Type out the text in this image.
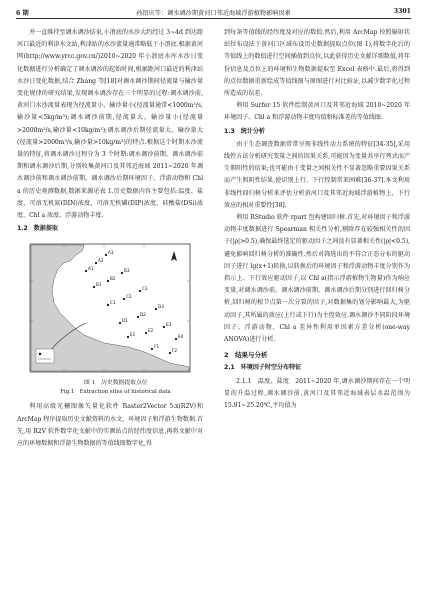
6 期	孙绍庆等：调水调沙期黄河口邻近海域浮游植物影响因素	3301

并一直维持至调水调沙结束,小浪底的水沙大约经过 3~4d 到达距河口最近的利津水文站,利津站的水沙流量通常略低于小浪底.根据黄河网(http://www.yrcc.gov.cn/)2010~2020 年小浪底水库水沙日变化数据进行分析确定了调水调沙的起始时间,根据距河口最近的利津站水沙日变化数据,结合 Zhang 等[18]对调水调沙期间径流量与输沙量变化规律的研究结果,发现调水调沙存在三个明显的过程:调水调沙前,黄河口水沙流量表现为径流量小、输沙量小(径流量通常<1000m³/s,输沙量<5kg/m³);调水调沙前期,径流量大、输沙量小(径流量>2000m³/s,输沙量<10kg/m³);调水调沙后期径流量大、输沙量大(径流量>2000m³/s,输沙量>10kg/m³)的特点.根据这个时期水沙流量的特征,将调水调沙过程分为 3 个时期:调水调沙前期、调水调沙前期和调水调沙后期,分别收集黄河口及其邻近海域 2011~2020 年调水调沙前和调水调沙前期、调水调沙后期环境因子、浮游动物和 Chl a 的历史观测数据,数据来源见表 1.历史数据内容主要包括:温度、盐度、可溶无机氮(DIN)浓度、可溶无机磷(DIP)浓度、硅酸盐(DSi)浓度、Chl a 浓度、浮游动物丰度.

1.2　数据提取
A1
A2
A3
B1
B2
B3
C1
C2
C3
D1
D2
D3
E1
E2
E3
E4
F1
F2

图 1　历史数据提取点位

Fig.1　Extraction sites of historical data

利用高级光栅图像矢量化软件 Raster2Vector 5.x(R2V)和 ArcMap 程序提取历史文献资料的水文、环境因子和浮游生物数据.首先,用 R2V 软件数字化文献中的实测站点的经纬度信息,再将文献中对应的环境数据和浮游生物数据的等值线图数字化,得

到每条等值线的经纬度及对应的数值.然后,利用 ArcMap 按照辐射状站位布设法于黄河口区域布设历史数据提取点位(图 1),将数字化后的等值线上的数值进行空间插值到点位,以此获得历史文献详细数值,将年份信息及点位上的环境和生物数据提取至 Excel 表格中.最后,将得到的点位数据重新绘成等值线图与原图进行对比验证,以减少数字化过程所造成的误差.

利用 Surfer 15 软件绘制黄河口及其邻近海域 2010~2020 年环境因子、Chl a 和浮游动物丰度均值和标准差的等值线图.

1.3　统计分析

由于生态调查数据常常呈现非线性动力系统的特征[34-35],采用线性方法分析研究变量之间的因果关系,可能因为变量共享行列式而产生假阳性的结果;也可能由于变量之间相关性不显著忽略重要因果关系而产生假阴性结果,使识别上行、下行控制常来困难[36-37].本文利用非线性回归树分析来评估分析黄河口及其邻近海域浮游植物上、下行效应的相对重要性[38].

利用 RStudio 软件 rpart 包构建回归树.首先,对环境因子和浮游动物丰度数据进行 Spearman 相关性分析,剔除存在较强相关性的因子(|ρ|>0.5),确保最终选定的驱动因子之间没有显著相关性(|ρ|<0.5),避免影响回归树分析的准确性.然后对筛选出的不符合正态分布的驱动因子进行 lg(x+1)转换,以转换后的环境因子和浮游动物丰度分别作为指示上、下行效应驱动因子,以 Chl a(指示浮游植物生物量)作为响应变量,对调水调沙前、调水调沙前期、调水调沙后期分别进行回归树分析,回归树的根节点第一次分裂的因子,对数据集的划分影响最大,为驱动因子,其所属的效应(上行或下行)为主控效应.调水调沙不同阶段环境因子、浮游动物、Chl a 差异性利用单因素方差分析(one-way ANOVA)进行分析.

2　结果与分析
2.1　环境因子时空分布特征

2.1.1　温度、盐度　2011~2020 年,调水调沙期间存在一个明显的升温过程,调水调沙前,黄河口及其邻近海域表层水温范围为 15.91~25.20℃,平均值为
